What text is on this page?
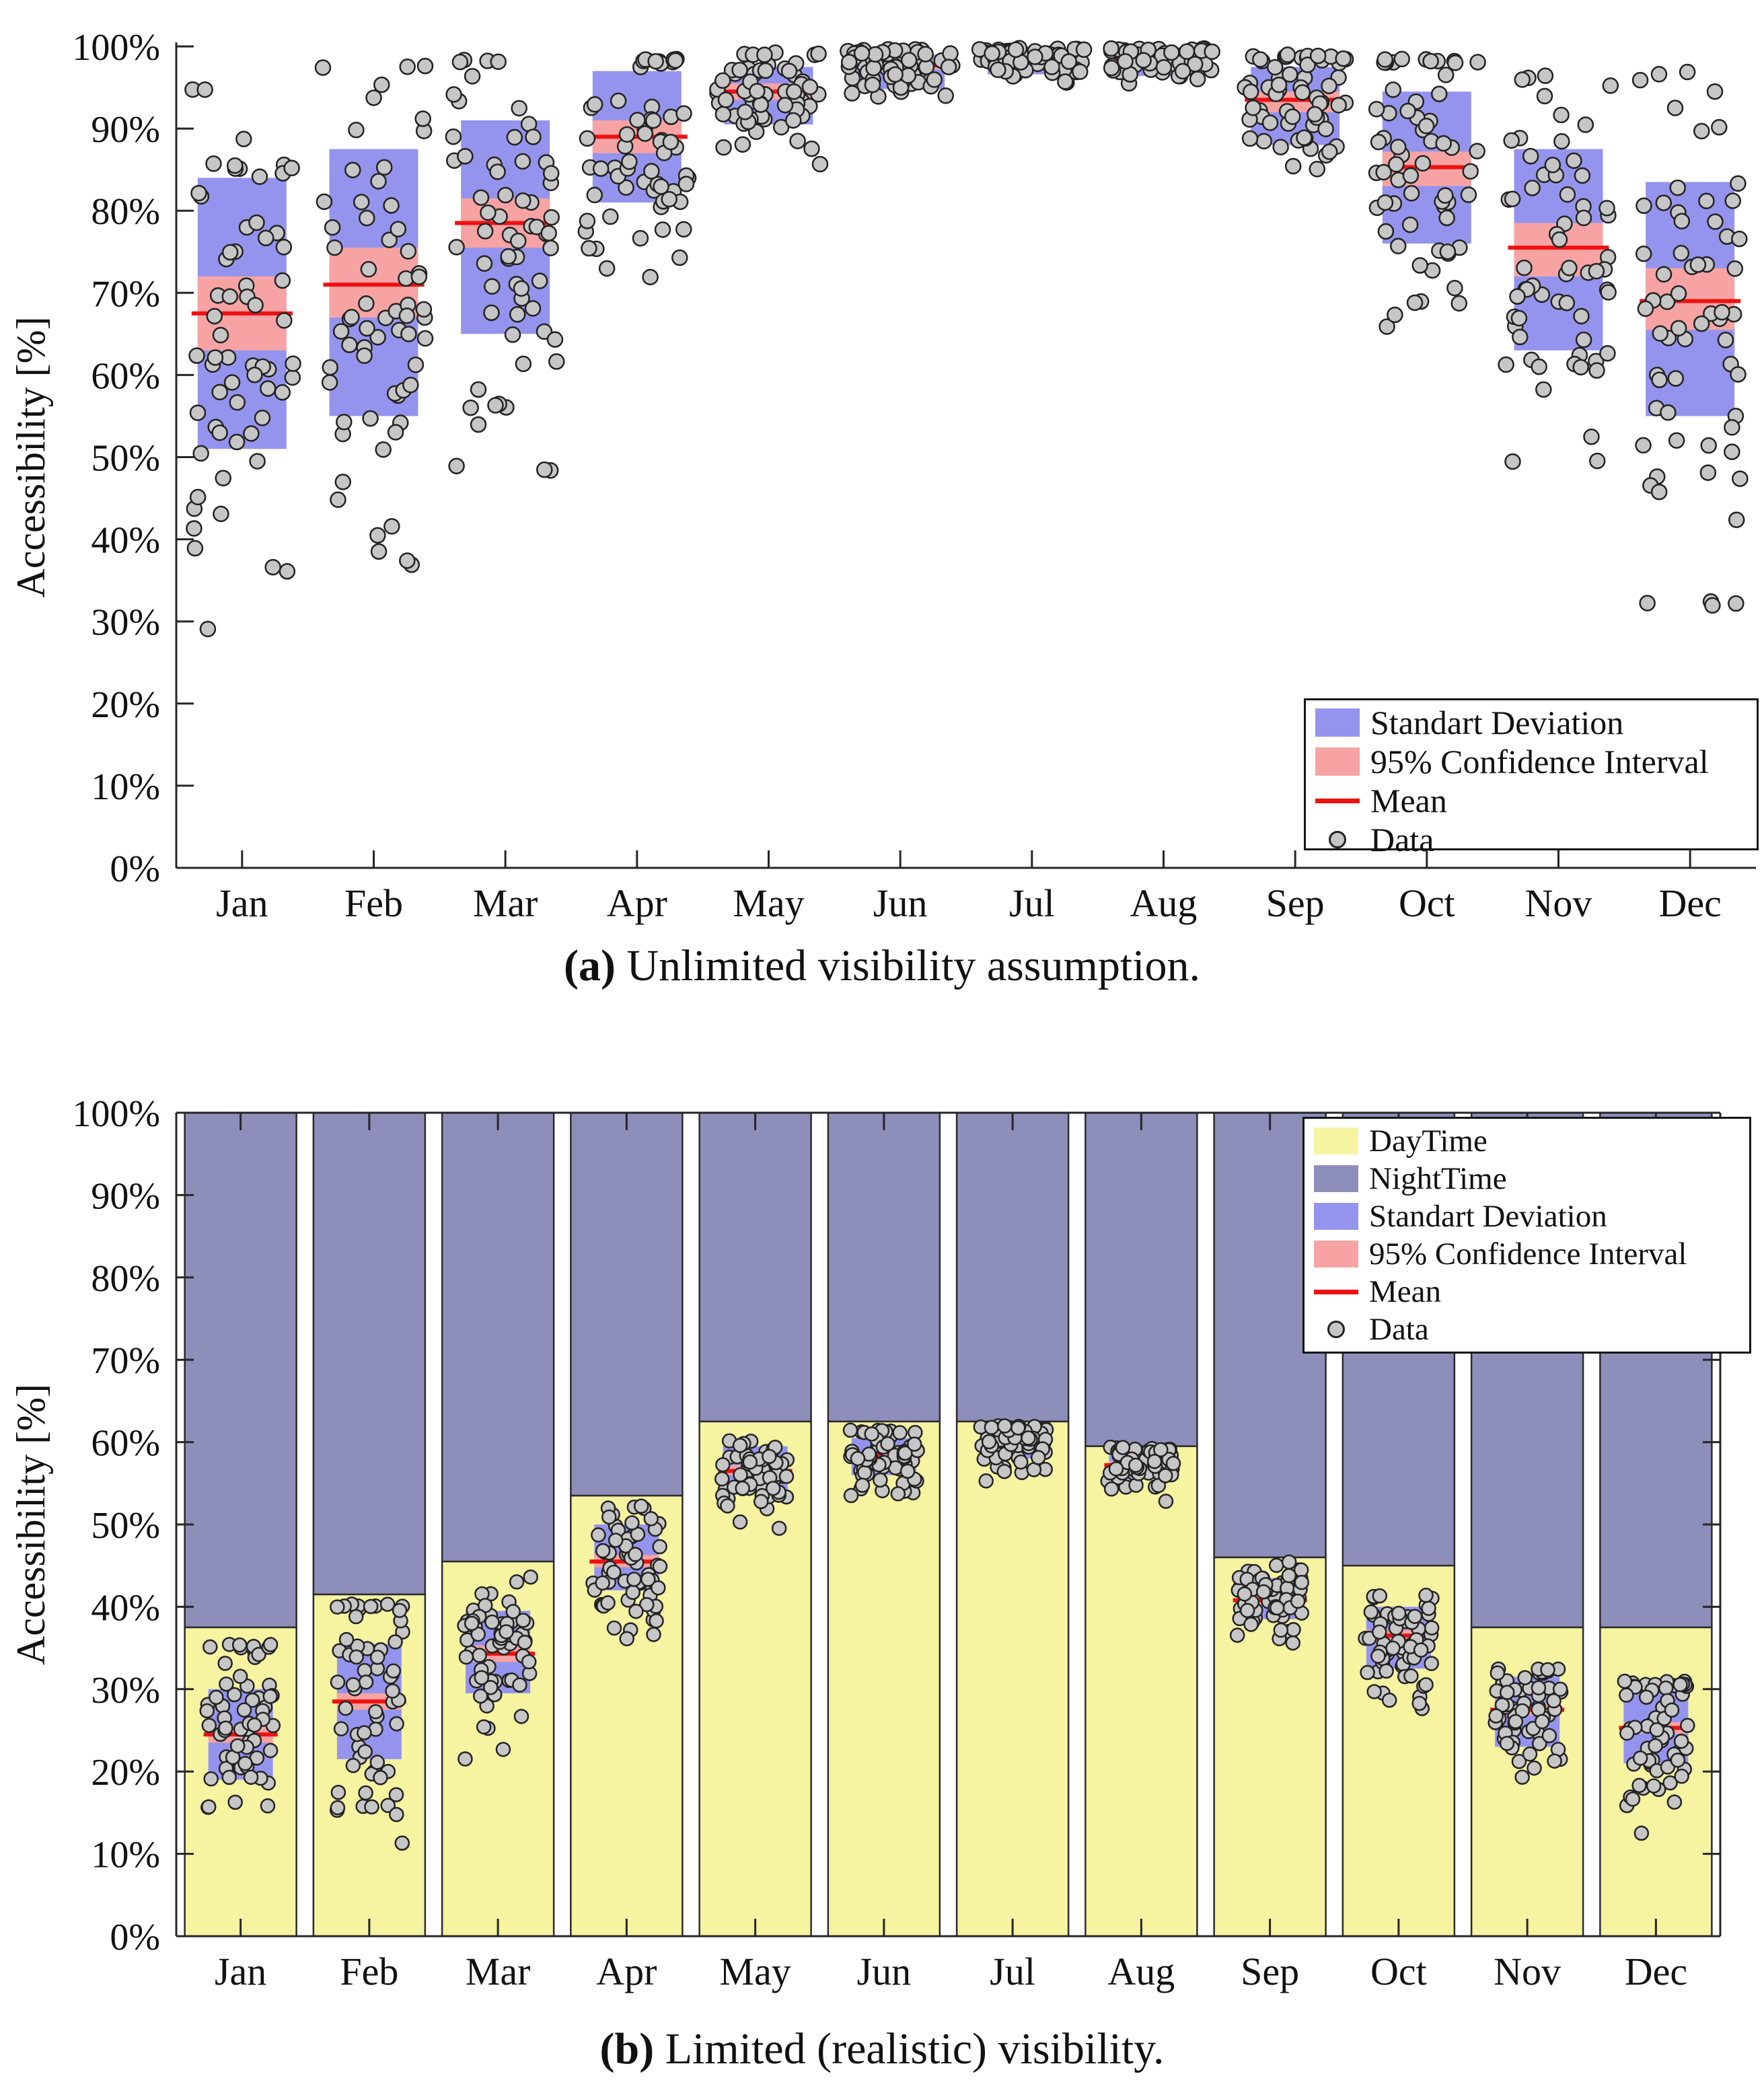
0%
10%
20%
30%
40%
50%
60%
70%
80%
90%
100%
Jan Feb Mar Apr May Jun Jul Aug Sep Oct Nov Dec
Accessibility [%]
0%
10%
20%
30%
40%
50%
60%
70%
80%
90%
100%
Jan Feb Mar Apr May Jun Jul Aug Sep Oct Nov Dec
Accessibility [%]
Standart Deviation
95% Confidence Interval
Mean
Data
DayTime
NightTime
Standart Deviation
95% Confidence Interval
Mean
Data
(a) Unlimited visibility assumption.
(b) Limited (realistic) visibility.
